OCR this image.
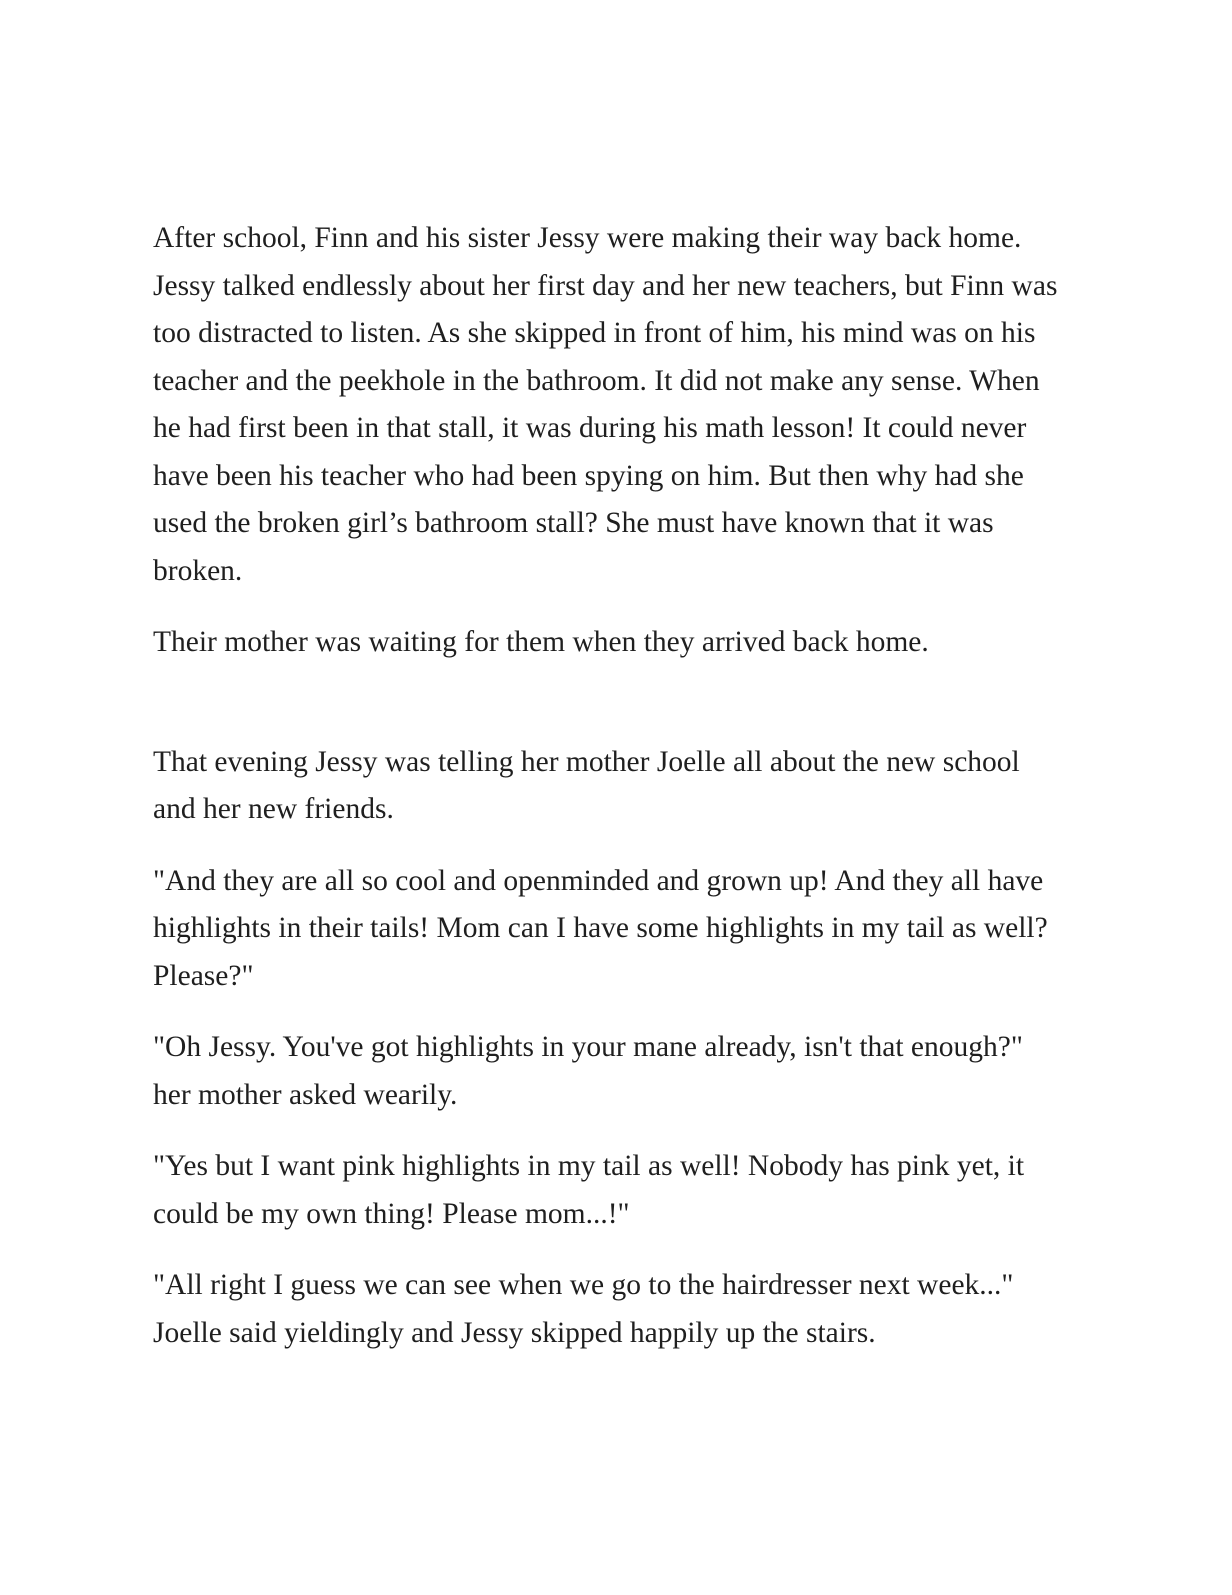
After school, Finn and his sister Jessy were making their way back home. Jessy talked endlessly about her first day and her new teachers, but Finn was too distracted to listen. As she skipped in front of him, his mind was on his teacher and the peekhole in the bathroom. It did not make any sense. When he had first been in that stall, it was during his math lesson! It could never have been his teacher who had been spying on him. But then why had she used the broken girl’s bathroom stall? She must have known that it was broken.

Their mother was waiting for them when they arrived back home.

That evening Jessy was telling her mother Joelle all about the new school and her new friends.

"And they are all so cool and openminded and grown up! And they all have highlights in their tails! Mom can I have some highlights in my tail as well? Please?"

"Oh Jessy. You've got highlights in your mane already, isn't that enough?" her mother asked wearily.

"Yes but I want pink highlights in my tail as well! Nobody has pink yet, it could be my own thing! Please mom...!"

"All right I guess we can see when we go to the hairdresser next week..." Joelle said yieldingly and Jessy skipped happily up the stairs.
